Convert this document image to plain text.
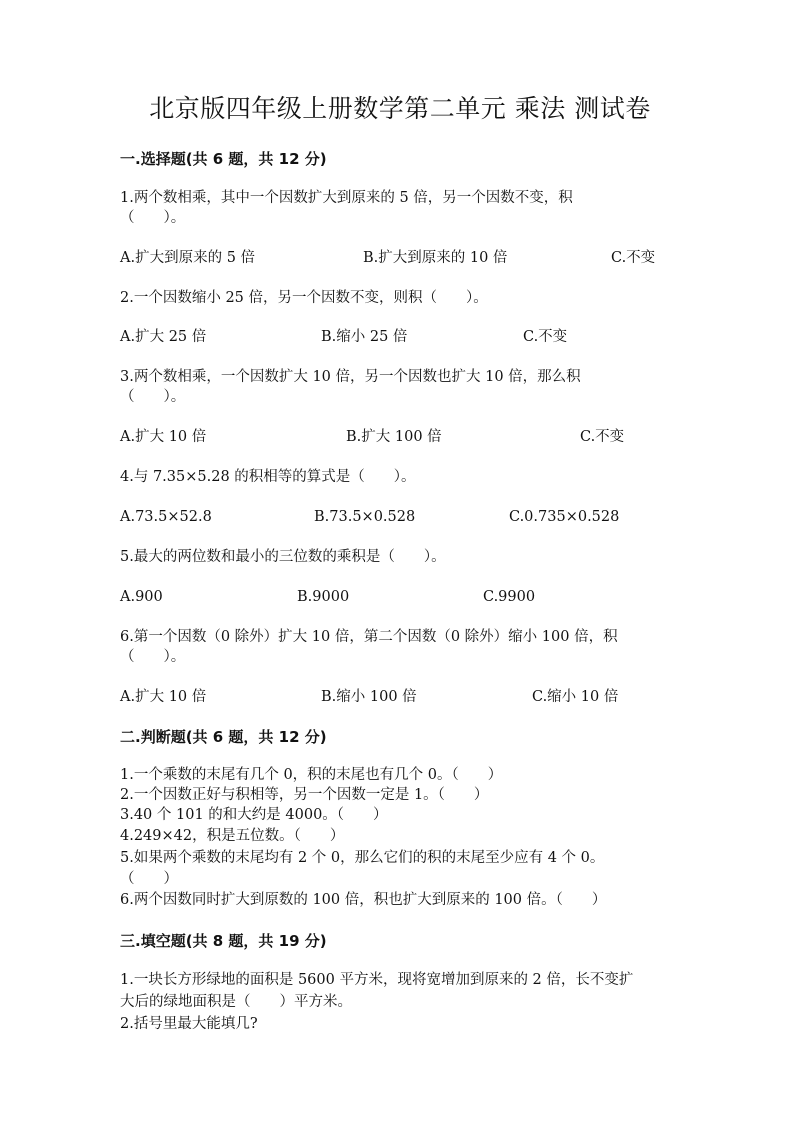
北京版四年级上册数学第二单元 乘法 测试卷
一.选择题(共 6 题，共 12 分)
1.两个数相乘，其中一个因数扩大到原来的 5 倍，另一个因数不变，积
（　　）。
A.扩大到原来的 5 倍	B.扩大到原来的 10 倍	C.不变
2.一个因数缩小 25 倍，另一个因数不变，则积（　　）。
A.扩大 25 倍	B.缩小 25 倍	C.不变
3.两个数相乘，一个因数扩大 10 倍，另一个因数也扩大 10 倍，那么积
（　　）。
A.扩大 10 倍	B.扩大 100 倍	C.不变
4.与 7.35×5.28 的积相等的算式是（　　）。
A.73.5×52.8	B.73.5×0.528	C.0.735×0.528
5.最大的两位数和最小的三位数的乘积是（　　）。
A.900	B.9000	C.9900
6.第一个因数（0 除外）扩大 10 倍，第二个因数（0 除外）缩小 100 倍，积
（　　）。
A.扩大 10 倍	B.缩小 100 倍	C.缩小 10 倍
二.判断题(共 6 题，共 12 分)
1.一个乘数的末尾有几个 0，积的末尾也有几个 0。（　　）
2.一个因数正好与积相等，另一个因数一定是 1。（　　）
3.40 个 101 的和大约是 4000。（　　）
4.249×42，积是五位数。（　　）
5.如果两个乘数的末尾均有 2 个 0，那么它们的积的末尾至少应有 4 个 0。
（　　）
6.两个因数同时扩大到原数的 100 倍，积也扩大到原来的 100 倍。（　　）
三.填空题(共 8 题，共 19 分)
1.一块长方形绿地的面积是 5600 平方米，现将宽增加到原来的 2 倍，长不变扩
大后的绿地面积是（　　）平方米。
2.括号里最大能填几?
